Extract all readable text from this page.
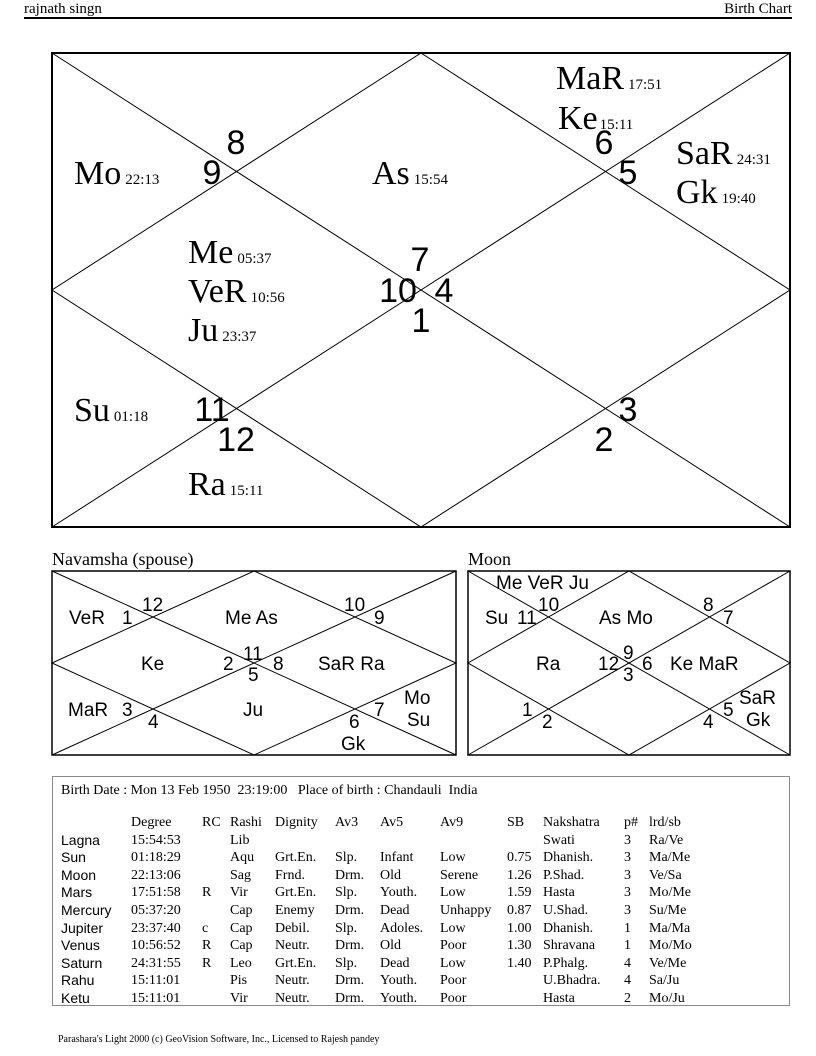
rajnath singn	Birth Chart
7
10 4
1
8
9
6
5
11
12
3
2
MaR 17:51
Ke 15:11
SaR 24:31
Gk 19:40
Mo 22:13	As 15:54
Me 05:37
VeR 10:56
Ju 23:37
Su 01:18
Ra 15:11
Navamsha (spouse)
12
1
10
9
11
2 8
5
3
4	6
7
VeR	Me As
Ke	SaR Ra
MaR	Ju
Mo
Su
Gk
Moon
Me VeR Ju
Su 11
10
As Mo
8
7
Ra 12
9
6
3
Ke MaR
1
2	4
5
SaR
Gk
Birth Date : Mon 13 Feb 1950  23:19:00   Place of birth : Chandauli  India
	Degree	RC	Rashi	Dignity	Av3	Av5	Av9	SB	Nakshatra	p#	lrd/sb
Lagna	15:54:53		Lib						Swati	3	Ra/Ve
Sun	01:18:29		Aqu	Grt.En.	Slp.	Infant	Low	0.75	Dhanish.	3	Ma/Me
Moon	22:13:06		Sag	Frnd.	Drm.	Old	Serene	1.26	P.Shad.	3	Ve/Sa
Mars	17:51:58	R	Vir	Grt.En.	Slp.	Youth.	Low	1.59	Hasta	3	Mo/Me
Mercury	05:37:20		Cap	Enemy	Drm.	Dead	Unhappy	0.87	U.Shad.	3	Su/Me
Jupiter	23:37:40	c	Cap	Debil.	Slp.	Adoles.	Low	1.00	Dhanish.	1	Ma/Ma
Venus	10:56:52	R	Cap	Neutr.	Drm.	Old	Poor	1.30	Shravana	1	Mo/Mo
Saturn	24:31:55	R	Leo	Grt.En.	Slp.	Dead	Low	1.40	P.Phalg.	4	Ve/Me
Rahu	15:11:01		Pis	Neutr.	Drm.	Youth.	Poor		U.Bhadra.	4	Sa/Ju
Ketu	15:11:01		Vir	Neutr.	Drm.	Youth.	Poor		Hasta	2	Mo/Ju
Parashara's Light 2000 (c) GeoVision Software, Inc., Licensed to Rajesh pandey
